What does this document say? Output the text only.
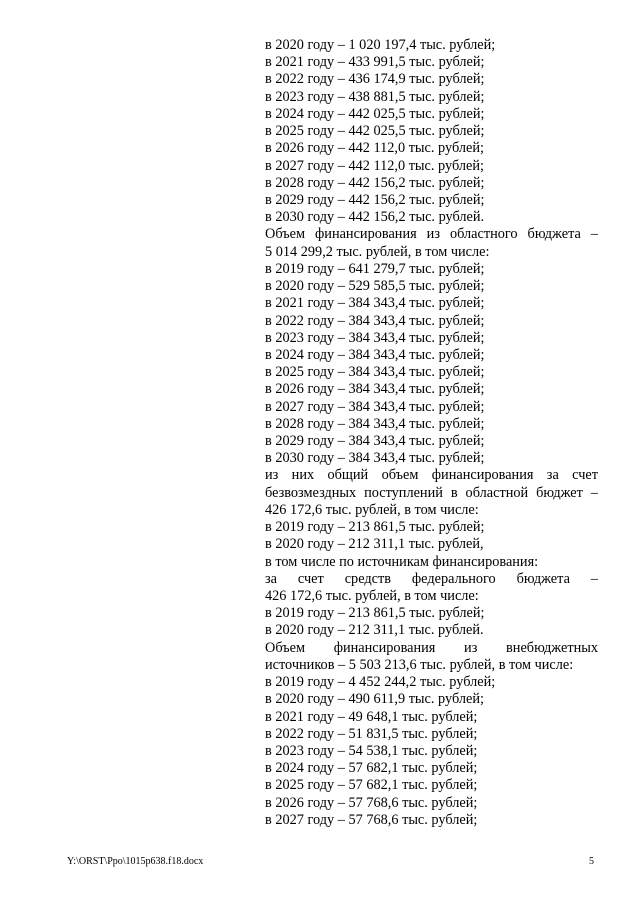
в 2020 году – 1 020 197,4 тыс. рублей;
в 2021 году – 433 991,5 тыс. рублей;
в 2022 году – 436 174,9 тыс. рублей;
в 2023 году – 438 881,5 тыс. рублей;
в 2024 году – 442 025,5 тыс. рублей;
в 2025 году – 442 025,5 тыс. рублей;
в 2026 году – 442 112,0 тыс. рублей;
в 2027 году – 442 112,0 тыс. рублей;
в 2028 году – 442 156,2 тыс. рублей;
в 2029 году – 442 156,2 тыс. рублей;
в 2030 году – 442 156,2 тыс. рублей.
Объем финансирования из областного бюджета –
5 014 299,2 тыс. рублей, в том числе:
в 2019 году – 641 279,7 тыс. рублей;
в 2020 году – 529 585,5 тыс. рублей;
в 2021 году – 384 343,4 тыс. рублей;
в 2022 году – 384 343,4 тыс. рублей;
в 2023 году – 384 343,4 тыс. рублей;
в 2024 году – 384 343,4 тыс. рублей;
в 2025 году – 384 343,4 тыс. рублей;
в 2026 году – 384 343,4 тыс. рублей;
в 2027 году – 384 343,4 тыс. рублей;
в 2028 году – 384 343,4 тыс. рублей;
в 2029 году – 384 343,4 тыс. рублей;
в 2030 году – 384 343,4 тыс. рублей;
из них общий объем финансирования за счет
безвозмездных поступлений в областной бюджет –
426 172,6 тыс. рублей, в том числе:
в 2019 году – 213 861,5 тыс. рублей;
в 2020 году – 212 311,1 тыс. рублей,
в том числе по источникам финансирования:
за счет средств федерального бюджета –
426 172,6 тыс. рублей, в том числе:
в 2019 году – 213 861,5 тыс. рублей;
в 2020 году – 212 311,1 тыс. рублей.
Объем финансирования из внебюджетных
источников – 5 503 213,6 тыс. рублей, в том числе:
в 2019 году – 4 452 244,2 тыс. рублей;
в 2020 году – 490 611,9 тыс. рублей;
в 2021 году – 49 648,1 тыс. рублей;
в 2022 году – 51 831,5 тыс. рублей;
в 2023 году – 54 538,1 тыс. рублей;
в 2024 году – 57 682,1 тыс. рублей;
в 2025 году – 57 682,1 тыс. рублей;
в 2026 году – 57 768,6 тыс. рублей;
в 2027 году – 57 768,6 тыс. рублей;
Y:\ORST\Ppo\1015p638.f18.docx	5
